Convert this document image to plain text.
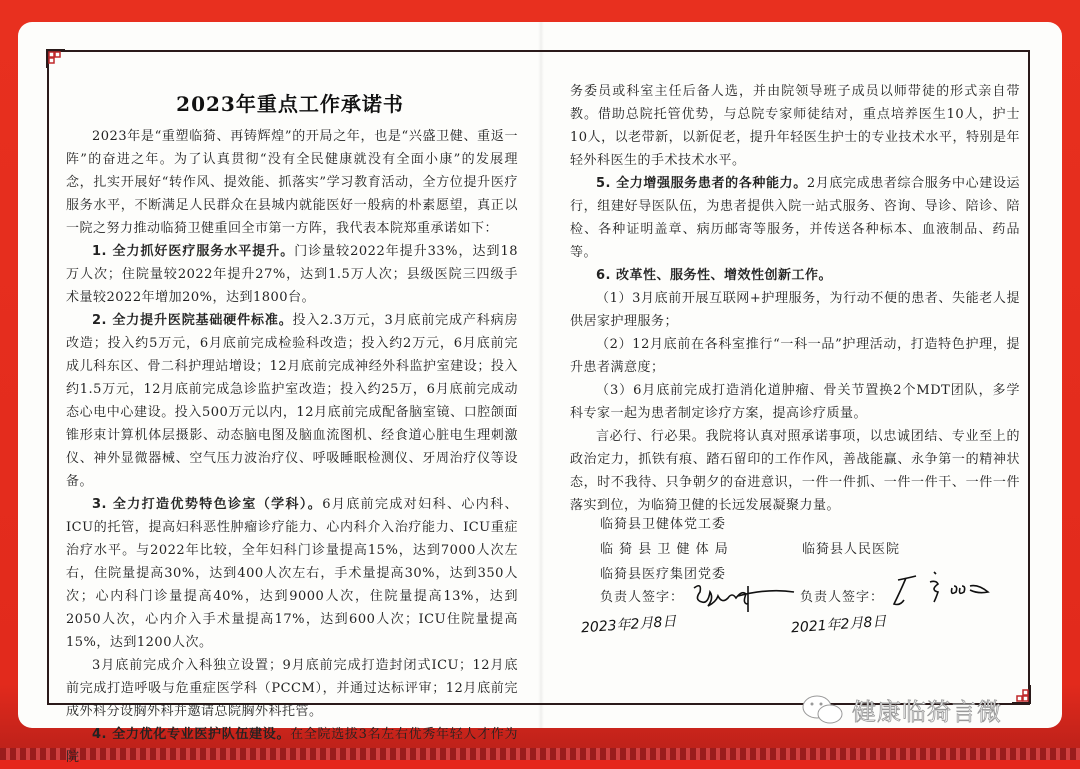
2023年重点工作承诺书

2023年是“重塑临猗、再铸辉煌”的开局之年，也是“兴盛卫健、重返一阵”的奋进之年。为了认真贯彻“没有全民健康就没有全面小康”的发展理念，扎实开展好“转作风、提效能、抓落实”学习教育活动，全方位提升医疗服务水平，不断满足人民群众在县城内就能医好一般病的朴素愿望，真正以一院之努力推动临猗卫健重回全市第一方阵，我代表本院郑重承诺如下：

1. 全力抓好医疗服务水平提升。门诊量较2022年提升33%，达到18万人次；住院量较2022年提升27%，达到1.5万人次；县级医院三四级手术量较2022年增加20%，达到1800台。

2. 全力提升医院基础硬件标准。投入2.3万元，3月底前完成产科病房改造；投入约5万元，6月底前完成检验科改造；投入约2万元，6月底前完成儿科东区、骨二科护理站增设；12月底前完成神经外科监护室建设；投入约1.5万元，12月底前完成急诊监护室改造；投入约25万，6月底前完成动态心电中心建设。投入500万元以内，12月底前完成配备脑室镜、口腔颌面锥形束计算机体层摄影、动态脑电图及脑血流图机、经食道心脏电生理刺激仪、神外显微器械、空气压力波治疗仪、呼吸睡眠检测仪、牙周治疗仪等设备。

3. 全力打造优势特色诊室（学科）。6月底前完成对妇科、心内科、ICU的托管，提高妇科恶性肿瘤诊疗能力、心内科介入治疗能力、ICU重症治疗水平。与2022年比较，全年妇科门诊量提高15%，达到7000人次左右，住院量提高30%，达到400人次左右，手术量提高30%，达到350人次；心内科门诊量提高40%，达到9000人次，住院量提高13%，达到2050人次，心内介入手术量提高17%，达到600人次；ICU住院量提高15%，达到1200人次。

3月底前完成介入科独立设置；9月底前完成打造封闭式ICU；12月底前完成打造呼吸与危重症医学科（PCCM），并通过达标评审；12月底前完成外科分设胸外科并邀请总院胸外科托管。

4. 全力优化专业医护队伍建设。在全院选拔3名左右优秀年轻人才作为院

务委员或科室主任后备人选，并由院领导班子成员以师带徒的形式亲自带教。借助总院托管优势，与总院专家师徒结对，重点培养医生10人，护士10人，以老带新，以新促老，提升年轻医生护士的专业技术水平，特别是年轻外科医生的手术技术水平。

5. 全力增强服务患者的各种能力。2月底完成患者综合服务中心建设运行，组建好导医队伍，为患者提供入院一站式服务、咨询、导诊、陪诊、陪检、各种证明盖章、病历邮寄等服务，并传送各种标本、血液制品、药品等。

6. 改革性、服务性、增效性创新工作。

（1）3月底前开展互联网+护理服务，为行动不便的患者、失能老人提供居家护理服务；

（2）12月底前在各科室推行“一科一品”护理活动，打造特色护理，提升患者满意度；

（3）6月底前完成打造消化道肿瘤、骨关节置换2个MDT团队，多学科专家一起为患者制定诊疗方案，提高诊疗质量。

言必行、行必果。我院将认真对照承诺事项，以忠诚团结、专业至上的政治定力，抓铁有痕、踏石留印的工作作风，善战能赢、永争第一的精神状态，时不我待、只争朝夕的奋进意识，一件一件抓、一件一件干、一件一件落实到位，为临猗卫健的长远发展凝聚力量。

临猗县卫健体党工委
临 猗 县 卫 健 体 局
临猗县医疗集团党委
负责人签字：
2023年2月8日
临猗县人民医院
负责人签字：
2021年2月8日
健康临猗言微
